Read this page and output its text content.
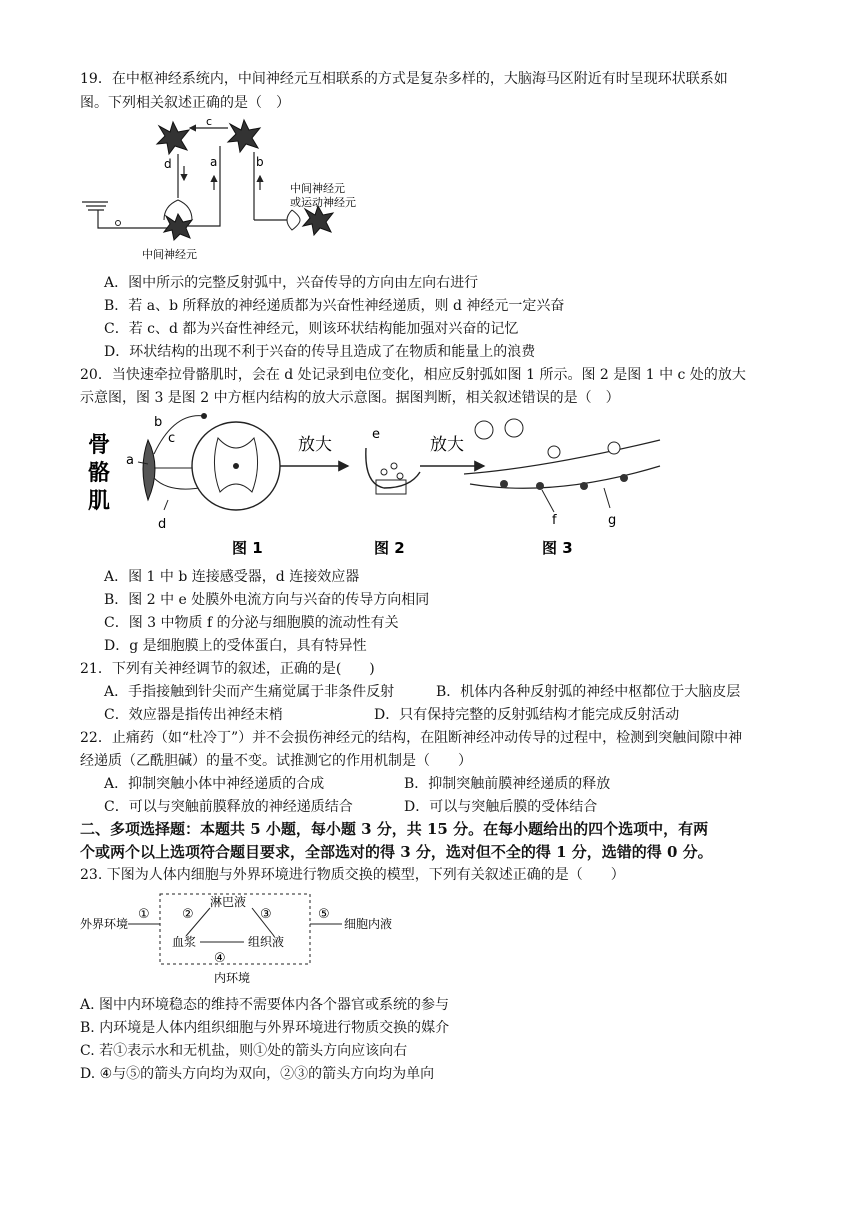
19．在中枢神经系统内，中间神经元互相联系的方式是复杂多样的，大脑海马区附近有时呈现环状联系如
图。下列相关叙述正确的是（　）
c
d	a	b
中间神经元
中间神经元
或运动神经元
A．图中所示的完整反射弧中，兴奋传导的方向由左向右进行
B．若 a、b 所释放的神经递质都为兴奋性神经递质，则 d 神经元一定兴奋
C．若 c、d 都为兴奋性神经元，则该环状结构能加强对兴奋的记忆
D．环状结构的出现不利于兴奋的传导且造成了在物质和能量上的浪费
20．当快速牵拉骨骼肌时，会在 d 处记录到电位变化，相应反射弧如图 1 所示。图 2 是图 1 中 c 处的放大
示意图，图 3 是图 2 中方框内结构的放大示意图。据图判断，相关叙述错误的是（　）
骨
骼
肌
a
b
c
d
放大
e
放大
f	g
图 1	图 2	图 3
A．图 1 中 b 连接感受器，d 连接效应器
B．图 2 中 e 处膜外电流方向与兴奋的传导方向相同
C．图 3 中物质 f 的分泌与细胞膜的流动性有关
D．g 是细胞膜上的受体蛋白，具有特异性
21．下列有关神经调节的叙述，正确的是(　　)
A．手指接触到针尖而产生痛觉属于非条件反射	B．机体内各种反射弧的神经中枢都位于大脑皮层
C．效应器是指传出神经末梢	D．只有保持完整的反射弧结构才能完成反射活动
22．止痛药（如“杜冷丁”）并不会损伤神经元的结构，在阻断神经冲动传导的过程中，检测到突触间隙中神
经递质（乙酰胆碱）的量不变。试推测它的作用机制是（　　）
A．抑制突触小体中神经递质的合成	B．抑制突触前膜神经递质的释放
C．可以与突触前膜释放的神经递质结合	D．可以与突触后膜的受体结合
二、多项选择题：本题共 5 小题，每小题 3 分，共 15 分。在每小题给出的四个选项中，有两
个或两个以上选项符合题目要求，全部选对的得 3 分，选对但不全的得 1 分，选错的得 0 分。
23. 下图为人体内细胞与外界环境进行物质交换的模型，下列有关叙述正确的是（　　）
外界环境
①
淋巴液
②	③
血浆	组织液
④
⑤
细胞内液
内环境
A. 图中内环境稳态的维持不需要体内各个器官或系统的参与
B. 内环境是人体内组织细胞与外界环境进行物质交换的媒介
C. 若①表示水和无机盐，则①处的箭头方向应该向右
D. ④与⑤的箭头方向均为双向，②③的箭头方向均为单向
